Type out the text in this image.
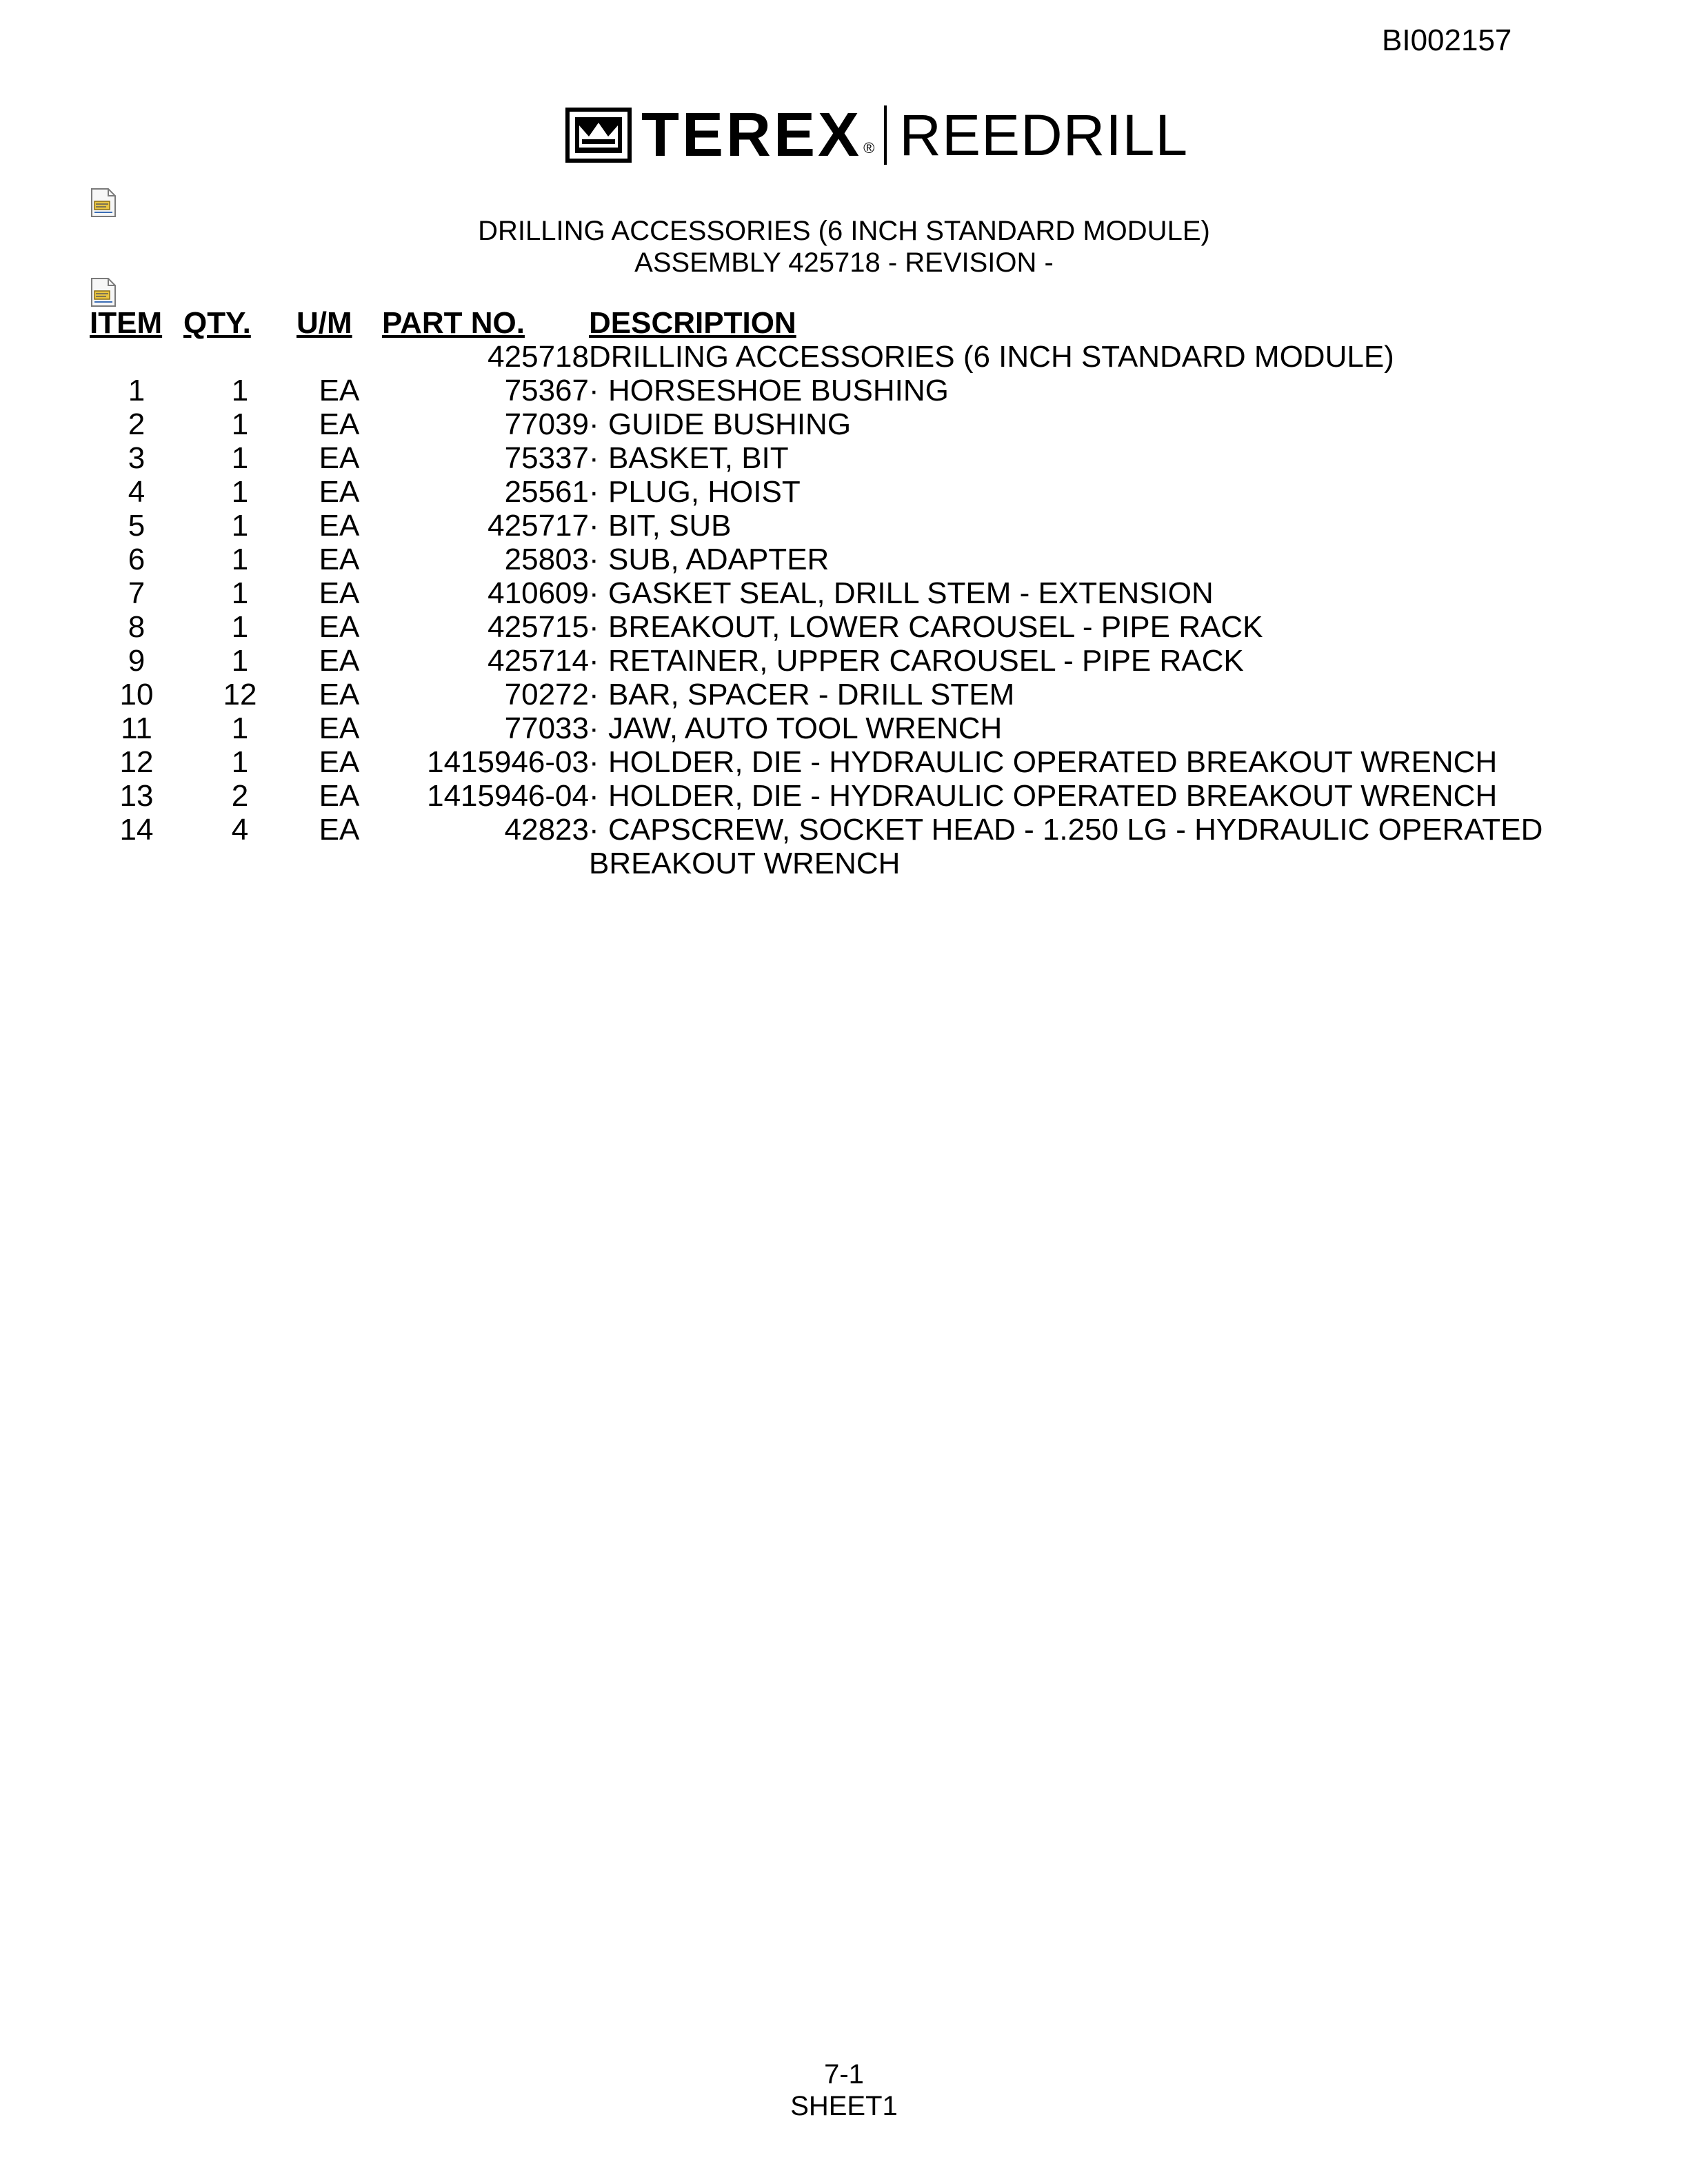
BI002157
TEREX ® REEDRILL
DRILLING ACCESSORIES (6 INCH STANDARD MODULE)
ASSEMBLY 425718 - REVISION -
ITEM	QTY.	U/M	PART NO.	DESCRIPTION
			425718	DRILLING ACCESSORIES (6 INCH STANDARD MODULE)
1	1	EA	75367	· HORSESHOE BUSHING
2	1	EA	77039	· GUIDE BUSHING
3	1	EA	75337	· BASKET, BIT
4	1	EA	25561	· PLUG, HOIST
5	1	EA	425717	· BIT, SUB
6	1	EA	25803	· SUB, ADAPTER
7	1	EA	410609	· GASKET SEAL, DRILL STEM - EXTENSION
8	1	EA	425715	· BREAKOUT, LOWER CAROUSEL - PIPE RACK
9	1	EA	425714	· RETAINER, UPPER CAROUSEL - PIPE RACK
10	12	EA	70272	· BAR, SPACER - DRILL STEM
11	1	EA	77033	· JAW, AUTO TOOL WRENCH
12	1	EA	1415946-03	· HOLDER, DIE - HYDRAULIC OPERATED BREAKOUT WRENCH
13	2	EA	1415946-04	· HOLDER, DIE - HYDRAULIC OPERATED BREAKOUT WRENCH
14	4	EA	42823	· CAPSCREW, SOCKET HEAD - 1.250 LG - HYDRAULIC OPERATED
				BREAKOUT WRENCH
7-1
SHEET1
